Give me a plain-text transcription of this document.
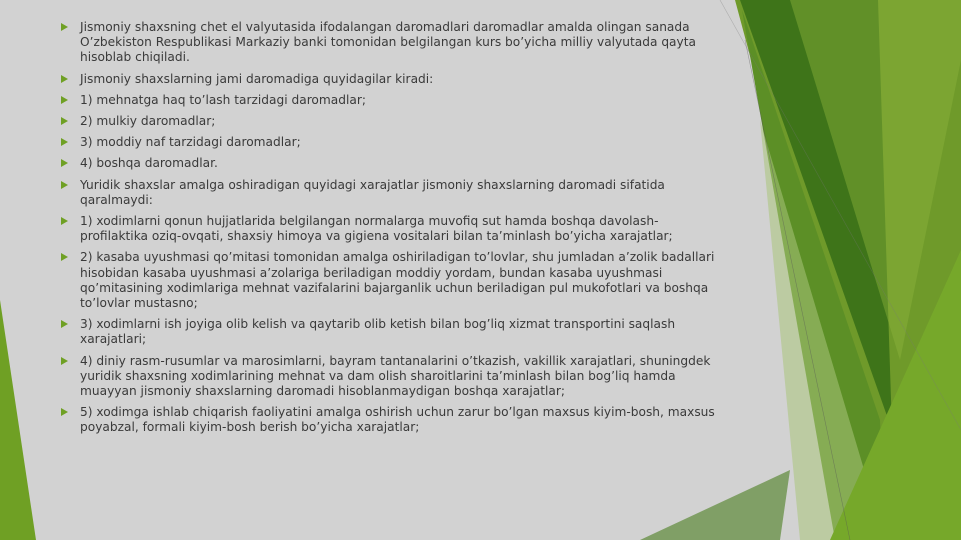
Jismoniy shaxsning chet el valyutasida ifodalangan daromadlari daromadlar amalda olingan sanada O’zbekiston Respublikasi Markaziy banki tomonidan belgilangan kurs bo’yicha milliy valyutada qayta hisoblab chiqiladi.
Jismoniy shaxslarning jami daromadiga quyidagilar kiradi:
1) mehnatga haq to’lash tarzidagi daromadlar;
2) mulkiy daromadlar;
3) moddiy naf tarzidagi daromadlar;
4) boshqa daromadlar.
Yuridik shaxslar amalga oshiradigan quyidagi xarajatlar jismoniy shaxslarning daromadi sifatida qaralmaydi:
1) xodimlarni qonun hujjatlarida belgilangan normalarga muvofiq sut hamda boshqa davolash-profilaktika oziq-ovqati, shaxsiy himoya va gigiena vositalari bilan ta’minlash bo’yicha xarajatlar;
2) kasaba uyushmasi qo’mitasi tomonidan amalga oshiriladigan to’lovlar, shu jumladan a’zolik badallari hisobidan kasaba uyushmasi a’zolariga beriladigan moddiy yordam, bundan kasaba uyushmasi qo’mitasining xodimlariga mehnat vazifalarini bajarganlik uchun beriladigan pul mukofotlari va boshqa to’lovlar mustasno;
3) xodimlarni ish joyiga olib kelish va qaytarib olib ketish bilan bog’liq xizmat transportini saqlash xarajatlari;
4) diniy rasm-rusumlar va marosimlarni, bayram tantanalarini o’tkazish, vakillik xarajatlari, shuningdek yuridik shaxsning xodimlarining mehnat va dam olish sharoitlarini ta’minlash bilan bog’liq hamda muayyan jismoniy shaxslarning daromadi hisoblanmaydigan boshqa xarajatlar;
5) xodimga ishlab chiqarish faoliyatini amalga oshirish uchun zarur bo’lgan maxsus kiyim-bosh, maxsus poyabzal, formali kiyim-bosh berish bo’yicha xarajatlar;
